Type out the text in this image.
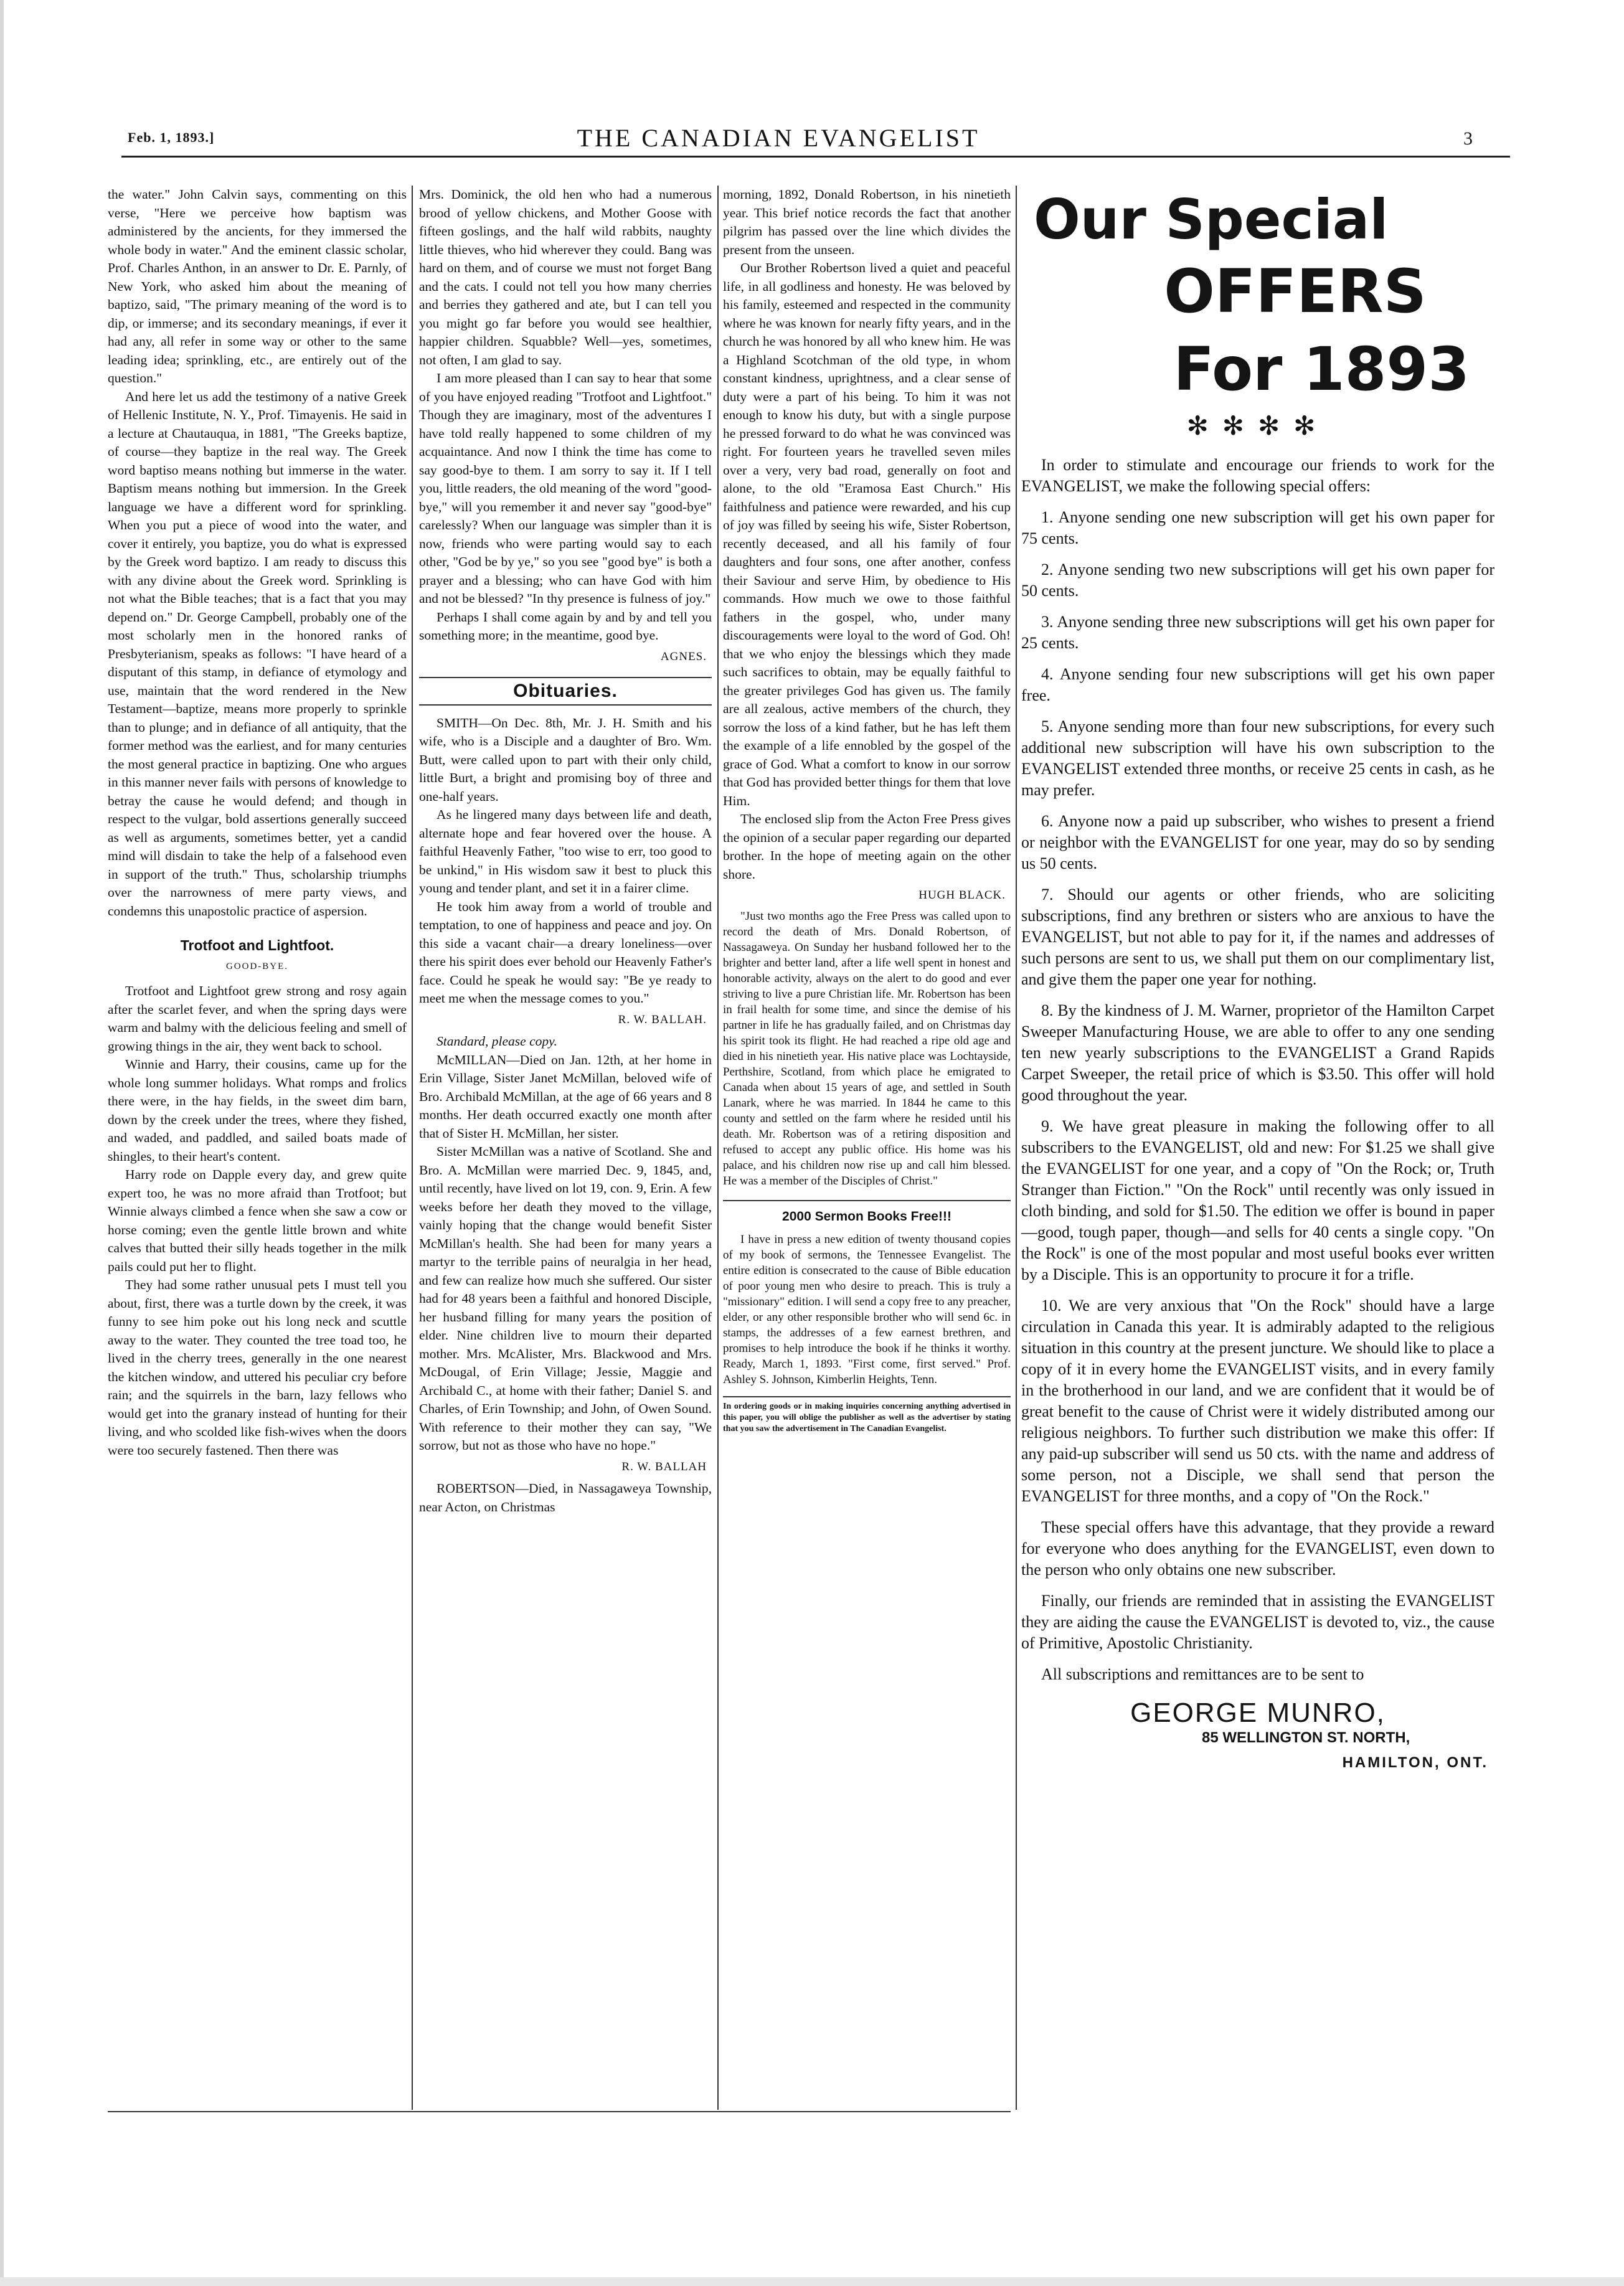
Feb. 1, 1893.]	THE CANADIAN EVANGELIST	3

the water." John Calvin says, commenting on this verse, "Here we perceive how baptism was administered by the ancients, for they immersed the whole body in water." And the eminent classic scholar, Prof. Charles Anthon, in an answer to Dr. E. Parnly, of New York, who asked him about the meaning of baptizo, said, "The primary meaning of the word is to dip, or immerse; and its secondary meanings, if ever it had any, all refer in some way or other to the same leading idea; sprinkling, etc., are entirely out of the question."

And here let us add the testimony of a native Greek of Hellenic Institute, N. Y., Prof. Timayenis. He said in a lecture at Chautauqua, in 1881, "The Greeks baptize, of course—they baptize in the real way. The Greek word baptiso means nothing but immerse in the water. Baptism means nothing but immersion. In the Greek language we have a different word for sprinkling. When you put a piece of wood into the water, and cover it entirely, you baptize, you do what is expressed by the Greek word baptizo. I am ready to discuss this with any divine about the Greek word. Sprinkling is not what the Bible teaches; that is a fact that you may depend on." Dr. George Campbell, probably one of the most scholarly men in the honored ranks of Presbyterianism, speaks as follows: "I have heard of a disputant of this stamp, in defiance of etymology and use, maintain that the word rendered in the New Testament—baptize, means more properly to sprinkle than to plunge; and in defiance of all antiquity, that the former method was the earliest, and for many centuries the most general practice in baptizing. One who argues in this manner never fails with persons of knowledge to betray the cause he would defend; and though in respect to the vulgar, bold assertions generally succeed as well as arguments, sometimes better, yet a candid mind will disdain to take the help of a falsehood even in support of the truth." Thus, scholarship triumphs over the narrowness of mere party views, and condemns this unapostolic practice of aspersion.

Trotfoot and Lightfoot.
GOOD-BYE.

Trotfoot and Lightfoot grew strong and rosy again after the scarlet fever, and when the spring days were warm and balmy with the delicious feeling and smell of growing things in the air, they went back to school.

Winnie and Harry, their cousins, came up for the whole long summer holidays. What romps and frolics there were, in the hay fields, in the sweet dim barn, down by the creek under the trees, where they fished, and waded, and paddled, and sailed boats made of shingles, to their heart's content.

Harry rode on Dapple every day, and grew quite expert too, he was no more afraid than Trotfoot; but Winnie always climbed a fence when she saw a cow or horse coming; even the gentle little brown and white calves that butted their silly heads together in the milk pails could put her to flight.

They had some rather unusual pets I must tell you about, first, there was a turtle down by the creek, it was funny to see him poke out his long neck and scuttle away to the water. They counted the tree toad too, he lived in the cherry trees, generally in the one nearest the kitchen window, and uttered his peculiar cry before rain; and the squirrels in the barn, lazy fellows who would get into the granary instead of hunting for their living, and who scolded like fish-wives when the doors were too securely fastened. Then there was

Mrs. Dominick, the old hen who had a numerous brood of yellow chickens, and Mother Goose with fifteen goslings, and the half wild rabbits, naughty little thieves, who hid wherever they could. Bang was hard on them, and of course we must not forget Bang and the cats. I could not tell you how many cherries and berries they gathered and ate, but I can tell you you might go far before you would see healthier, happier children. Squabble? Well—yes, sometimes, not often, I am glad to say.

I am more pleased than I can say to hear that some of you have enjoyed reading "Trotfoot and Lightfoot." Though they are imaginary, most of the adventures I have told really happened to some children of my acquaintance. And now I think the time has come to say good-bye to them. I am sorry to say it. If I tell you, little readers, the old meaning of the word "good-bye," will you remember it and never say "good-bye" carelessly? When our language was simpler than it is now, friends who were parting would say to each other, "God be by ye," so you see "good bye" is both a prayer and a blessing; who can have God with him and not be blessed? "In thy presence is fulness of joy."

Perhaps I shall come again by and by and tell you something more; in the meantime, good bye.

AGNES.
Obituaries.

SMITH—On Dec. 8th, Mr. J. H. Smith and his wife, who is a Disciple and a daughter of Bro. Wm. Butt, were called upon to part with their only child, little Burt, a bright and promising boy of three and one-half years.

As he lingered many days between life and death, alternate hope and fear hovered over the house. A faithful Heavenly Father, "too wise to err, too good to be unkind," in His wisdom saw it best to pluck this young and tender plant, and set it in a fairer clime.

He took him away from a world of trouble and temptation, to one of happiness and peace and joy. On this side a vacant chair—a dreary loneliness—over there his spirit does ever behold our Heavenly Father's face. Could he speak he would say: "Be ye ready to meet me when the message comes to you."

R. W. BALLAH.

Standard, please copy.

McMILLAN—Died on Jan. 12th, at her home in Erin Village, Sister Janet McMillan, beloved wife of Bro. Archibald McMillan, at the age of 66 years and 8 months. Her death occurred exactly one month after that of Sister H. McMillan, her sister.

Sister McMillan was a native of Scotland. She and Bro. A. McMillan were married Dec. 9, 1845, and, until recently, have lived on lot 19, con. 9, Erin. A few weeks before her death they moved to the village, vainly hoping that the change would benefit Sister McMillan's health. She had been for many years a martyr to the terrible pains of neuralgia in her head, and few can realize how much she suffered. Our sister had for 48 years been a faithful and honored Disciple, her husband filling for many years the position of elder. Nine children live to mourn their departed mother. Mrs. McAlister, Mrs. Blackwood and Mrs. McDougal, of Erin Village; Jessie, Maggie and Archibald C., at home with their father; Daniel S. and Charles, of Erin Township; and John, of Owen Sound. With reference to their mother they can say, "We sorrow, but not as those who have no hope."

R. W. BALLAH

ROBERTSON—Died, in Nassagaweya Township, near Acton, on Christmas

morning, 1892, Donald Robertson, in his ninetieth year. This brief notice records the fact that another pilgrim has passed over the line which divides the present from the unseen.

Our Brother Robertson lived a quiet and peaceful life, in all godliness and honesty. He was beloved by his family, esteemed and respected in the community where he was known for nearly fifty years, and in the church he was honored by all who knew him. He was a Highland Scotchman of the old type, in whom constant kindness, uprightness, and a clear sense of duty were a part of his being. To him it was not enough to know his duty, but with a single purpose he pressed forward to do what he was convinced was right. For fourteen years he travelled seven miles over a very, very bad road, generally on foot and alone, to the old "Eramosa East Church." His faithfulness and patience were rewarded, and his cup of joy was filled by seeing his wife, Sister Robertson, recently deceased, and all his family of four daughters and four sons, one after another, confess their Saviour and serve Him, by obedience to His commands. How much we owe to those faithful fathers in the gospel, who, under many discouragements were loyal to the word of God. Oh! that we who enjoy the blessings which they made such sacrifices to obtain, may be equally faithful to the greater privileges God has given us. The family are all zealous, active members of the church, they sorrow the loss of a kind father, but he has left them the example of a life ennobled by the gospel of the grace of God. What a comfort to know in our sorrow that God has provided better things for them that love Him.

The enclosed slip from the Acton Free Press gives the opinion of a secular paper regarding our departed brother. In the hope of meeting again on the other shore.

HUGH BLACK.

"Just two months ago the Free Press was called upon to record the death of Mrs. Donald Robertson, of Nassagaweya. On Sunday her husband followed her to the brighter and better land, after a life well spent in honest and honorable activity, always on the alert to do good and ever striving to live a pure Christian life. Mr. Robertson has been in frail health for some time, and since the demise of his partner in life he has gradually failed, and on Christmas day his spirit took its flight. He had reached a ripe old age and died in his ninetieth year. His native place was Lochtayside, Perthshire, Scotland, from which place he emigrated to Canada when about 15 years of age, and settled in South Lanark, where he was married. In 1844 he came to this county and settled on the farm where he resided until his death. Mr. Robertson was of a retiring disposition and refused to accept any public office. His home was his palace, and his children now rise up and call him blessed. He was a member of the Disciples of Christ."

2000 Sermon Books Free!!!

I have in press a new edition of twenty thousand copies of my book of sermons, the Tennessee Evangelist. The entire edition is consecrated to the cause of Bible education of poor young men who desire to preach. This is truly a "missionary" edition. I will send a copy free to any preacher, elder, or any other responsible brother who will send 6c. in stamps, the addresses of a few earnest brethren, and promises to help introduce the book if he thinks it worthy. Ready, March 1, 1893. "First come, first served." Prof. Ashley S. Johnson, Kimberlin Heights, Tenn.

In ordering goods or in making inquiries concerning anything advertised in this paper, you will oblige the publisher as well as the advertiser by stating that you saw the advertisement in The Canadian Evangelist.
Our Special
OFFERS
For 1893
✻✻✻✻

In order to stimulate and encourage our friends to work for the EVANGELIST, we make the following special offers:

1. Anyone sending one new subscription will get his own paper for 75 cents.

2. Anyone sending two new subscriptions will get his own paper for 50 cents.

3. Anyone sending three new subscriptions will get his own paper for 25 cents.

4. Anyone sending four new subscriptions will get his own paper free.

5. Anyone sending more than four new subscriptions, for every such additional new subscription will have his own subscription to the EVANGELIST extended three months, or receive 25 cents in cash, as he may prefer.

6. Anyone now a paid up subscriber, who wishes to present a friend or neighbor with the EVANGELIST for one year, may do so by sending us 50 cents.

7. Should our agents or other friends, who are soliciting subscriptions, find any brethren or sisters who are anxious to have the EVANGELIST, but not able to pay for it, if the names and addresses of such persons are sent to us, we shall put them on our complimentary list, and give them the paper one year for nothing.

8. By the kindness of J. M. Warner, proprietor of the Hamilton Carpet Sweeper Manufacturing House, we are able to offer to any one sending ten new yearly subscriptions to the EVANGELIST a Grand Rapids Carpet Sweeper, the retail price of which is $3.50. This offer will hold good throughout the year.

9. We have great pleasure in making the following offer to all subscribers to the EVANGELIST, old and new: For $1.25 we shall give the EVANGELIST for one year, and a copy of "On the Rock; or, Truth Stranger than Fiction." "On the Rock" until recently was only issued in cloth binding, and sold for $1.50. The edition we offer is bound in paper—good, tough paper, though—and sells for 40 cents a single copy. "On the Rock" is one of the most popular and most useful books ever written by a Disciple. This is an opportunity to procure it for a trifle.

10. We are very anxious that "On the Rock" should have a large circulation in Canada this year. It is admirably adapted to the religious situation in this country at the present juncture. We should like to place a copy of it in every home the EVANGELIST visits, and in every family in the brotherhood in our land, and we are confident that it would be of great benefit to the cause of Christ were it widely distributed among our religious neighbors. To further such distribution we make this offer: If any paid-up subscriber will send us 50 cts. with the name and address of some person, not a Disciple, we shall send that person the EVANGELIST for three months, and a copy of "On the Rock."

These special offers have this advantage, that they provide a reward for everyone who does anything for the EVANGELIST, even down to the person who only obtains one new subscriber.

Finally, our friends are reminded that in assisting the EVANGELIST they are aiding the cause the EVANGELIST is devoted to, viz., the cause of Primitive, Apostolic Christianity.

All subscriptions and remittances are to be sent to

GEORGE MUNRO,
85 WELLINGTON ST. NORTH,
HAMILTON, ONT.
